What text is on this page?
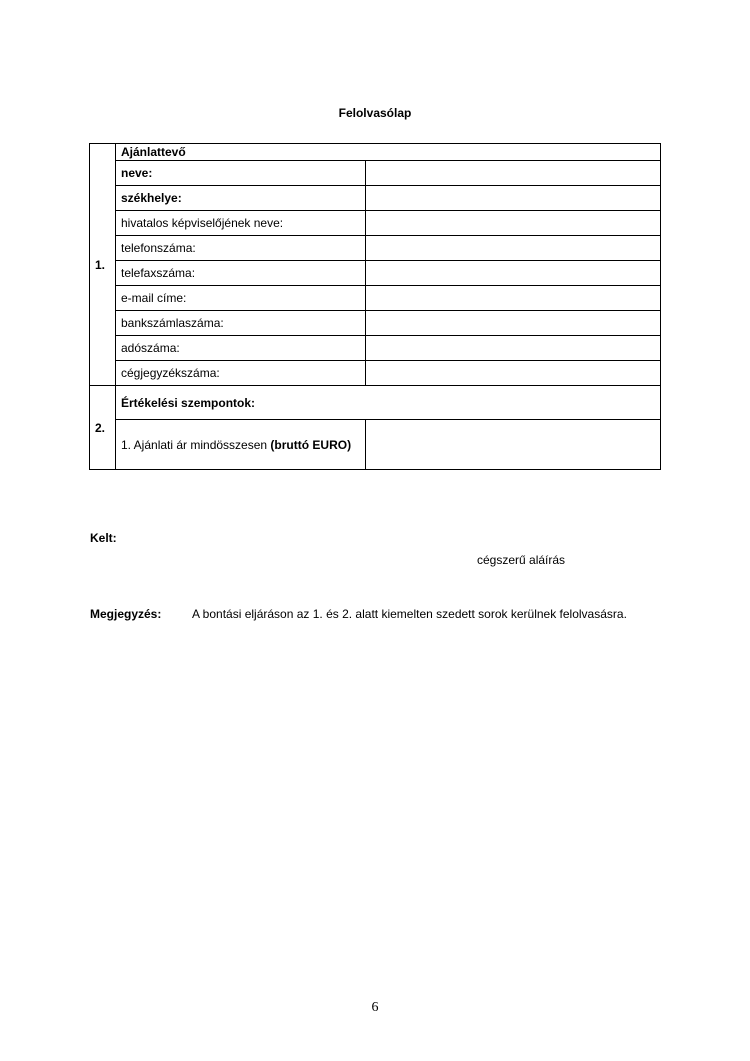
Felolvasólap
1.	Ajánlattevő	
	neve:	
	székhelye:	
	hivatalos képviselőjének neve:	
	telefonszáma:	
	telefaxszáma:	
	e-mail címe:	
	bankszámlaszáma:	
	adószáma:	
	cégjegyzékszáma:	
2.	Értékelési szempontok:	
	1. Ajánlati ár mindösszesen (bruttó EURO)	
Kelt:
cégszerű aláírás
Megjegyzés:	A bontási eljáráson az 1. és 2. alatt kiemelten szedett sorok kerülnek felolvasásra.
6
